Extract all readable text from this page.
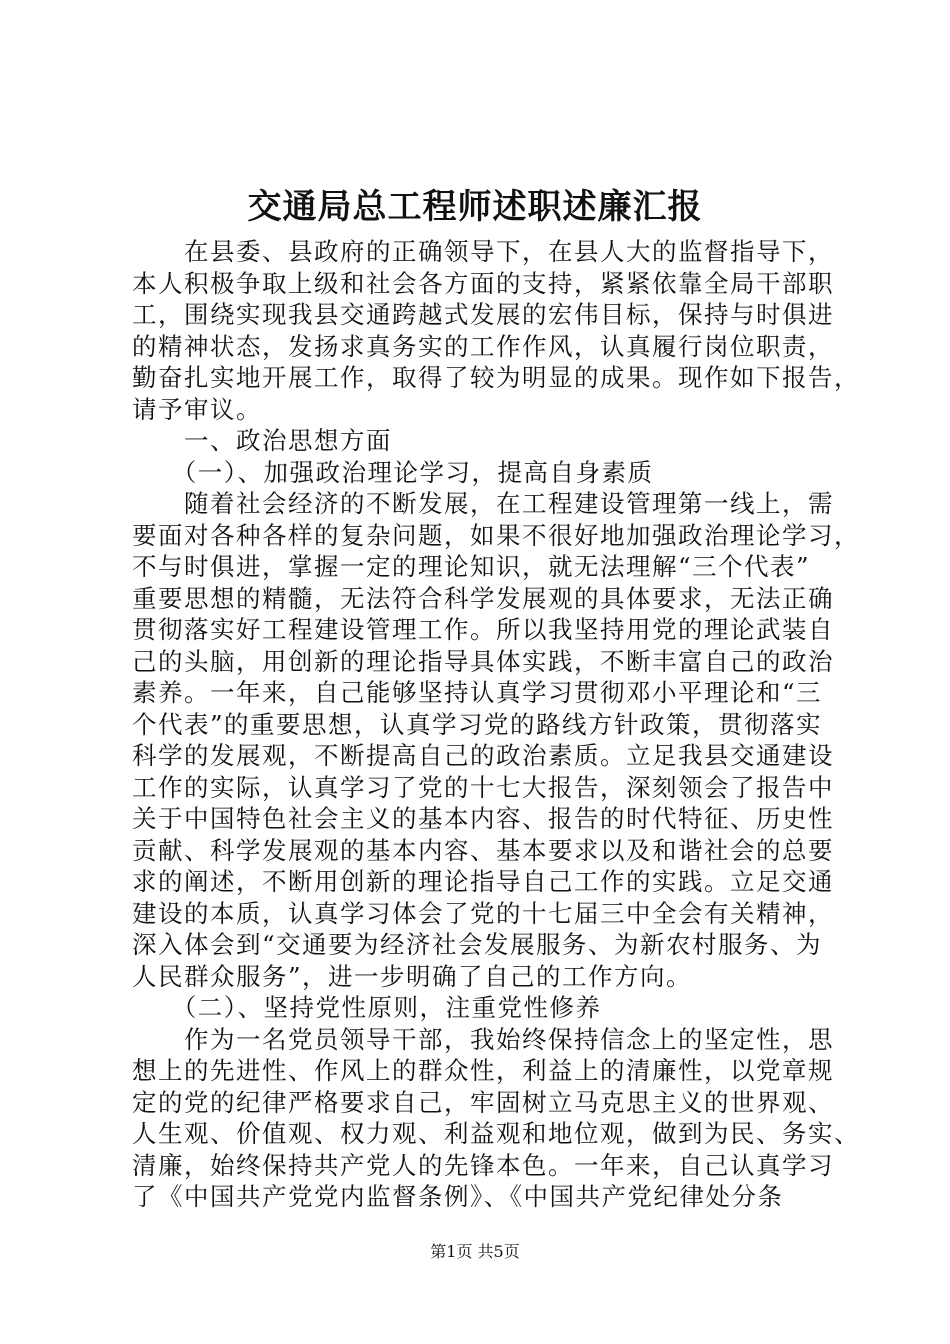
交通局总工程师述职述廉汇报
　　在县委、县政府的正确领导下，在县人大的监督指导下，
本人积极争取上级和社会各方面的支持，紧紧依靠全局干部职
工，围绕实现我县交通跨越式发展的宏伟目标，保持与时俱进
的精神状态，发扬求真务实的工作作风，认真履行岗位职责，
勤奋扎实地开展工作，取得了较为明显的成果。现作如下报告，
请予审议。
　　一、政治思想方面
　　（一）、加强政治理论学习，提高自身素质
　　随着社会经济的不断发展，在工程建设管理第一线上，需
要面对各种各样的复杂问题，如果不很好地加强政治理论学习，
不与时俱进，掌握一定的理论知识，就无法理解“三个代表”
重要思想的精髓，无法符合科学发展观的具体要求，无法正确
贯彻落实好工程建设管理工作。所以我坚持用党的理论武装自
己的头脑，用创新的理论指导具体实践，不断丰富自己的政治
素养。一年来，自己能够坚持认真学习贯彻邓小平理论和“三
个代表”的重要思想，认真学习党的路线方针政策，贯彻落实
科学的发展观，不断提高自己的政治素质。立足我县交通建设
工作的实际，认真学习了党的十七大报告，深刻领会了报告中
关于中国特色社会主义的基本内容、报告的时代特征、历史性
贡献、科学发展观的基本内容、基本要求以及和谐社会的总要
求的阐述，不断用创新的理论指导自己工作的实践。立足交通
建设的本质，认真学习体会了党的十七届三中全会有关精神，
深入体会到“交通要为经济社会发展服务、为新农村服务、为
人民群众服务”，进一步明确了自己的工作方向。
　　（二）、坚持党性原则，注重党性修养
　　作为一名党员领导干部，我始终保持信念上的坚定性，思
想上的先进性、作风上的群众性，利益上的清廉性，以党章规
定的党的纪律严格要求自己，牢固树立马克思主义的世界观、
人生观、价值观、权力观、利益观和地位观，做到为民、务实、
清廉，始终保持共产党人的先锋本色。一年来，自己认真学习
了《中国共产党党内监督条例》、《中国共产党纪律处分条
第1页 共5页
